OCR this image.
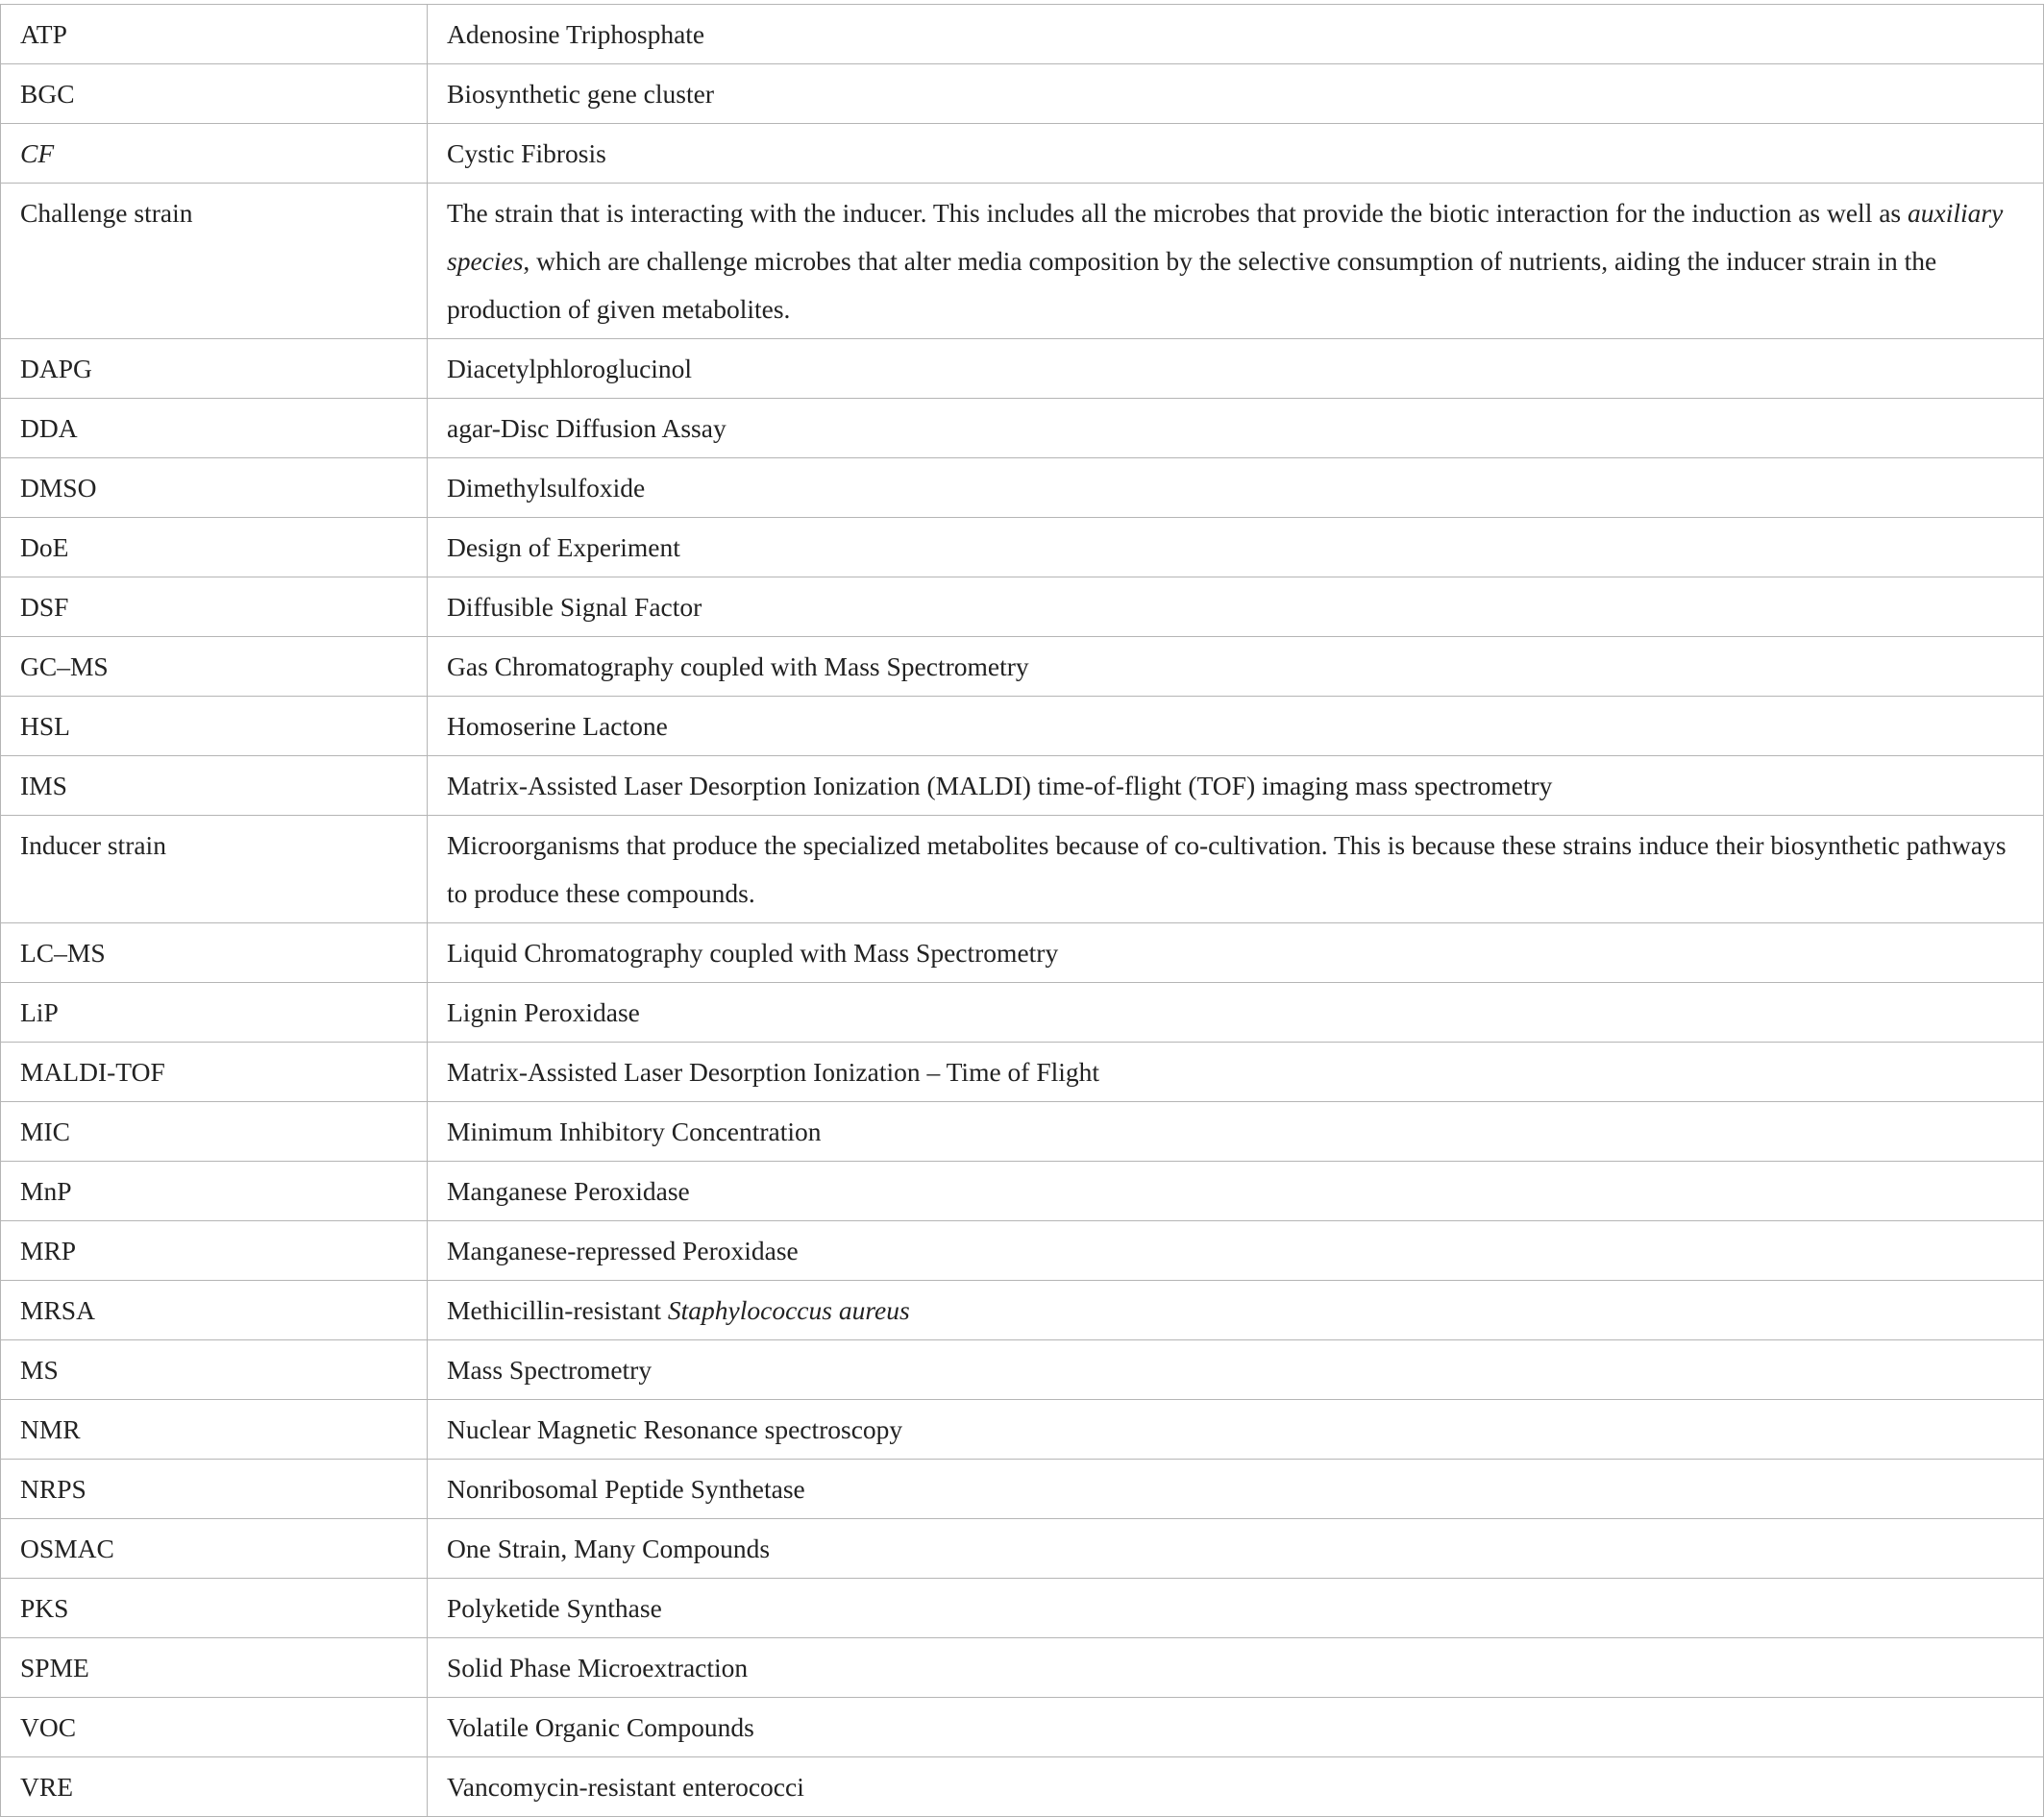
ATP	Adenosine Triphosphate
BGC	Biosynthetic gene cluster
CF	Cystic Fibrosis
Challenge strain	The strain that is interacting with the inducer. This includes all the microbes that provide the biotic interaction for the induction as well as auxiliary species, which are challenge microbes that alter media composition by the selective consumption of nutrients, aiding the inducer strain in the production of given metabolites.
DAPG	Diacetylphloroglucinol
DDA	agar-Disc Diffusion Assay
DMSO	Dimethylsulfoxide
DoE	Design of Experiment
DSF	Diffusible Signal Factor
GC–MS	Gas Chromatography coupled with Mass Spectrometry
HSL	Homoserine Lactone
IMS	Matrix-Assisted Laser Desorption Ionization (MALDI) time-of-flight (TOF) imaging mass spectrometry
Inducer strain	Microorganisms that produce the specialized metabolites because of co-cultivation. This is because these strains induce their biosynthetic pathways to produce these compounds.
LC–MS	Liquid Chromatography coupled with Mass Spectrometry
LiP	Lignin Peroxidase
MALDI-TOF	Matrix-Assisted Laser Desorption Ionization – Time of Flight
MIC	Minimum Inhibitory Concentration
MnP	Manganese Peroxidase
MRP	Manganese-repressed Peroxidase
MRSA	Methicillin-resistant Staphylococcus aureus
MS	Mass Spectrometry
NMR	Nuclear Magnetic Resonance spectroscopy
NRPS	Nonribosomal Peptide Synthetase
OSMAC	One Strain, Many Compounds
PKS	Polyketide Synthase
SPME	Solid Phase Microextraction
VOC	Volatile Organic Compounds
VRE	Vancomycin-resistant enterococci
